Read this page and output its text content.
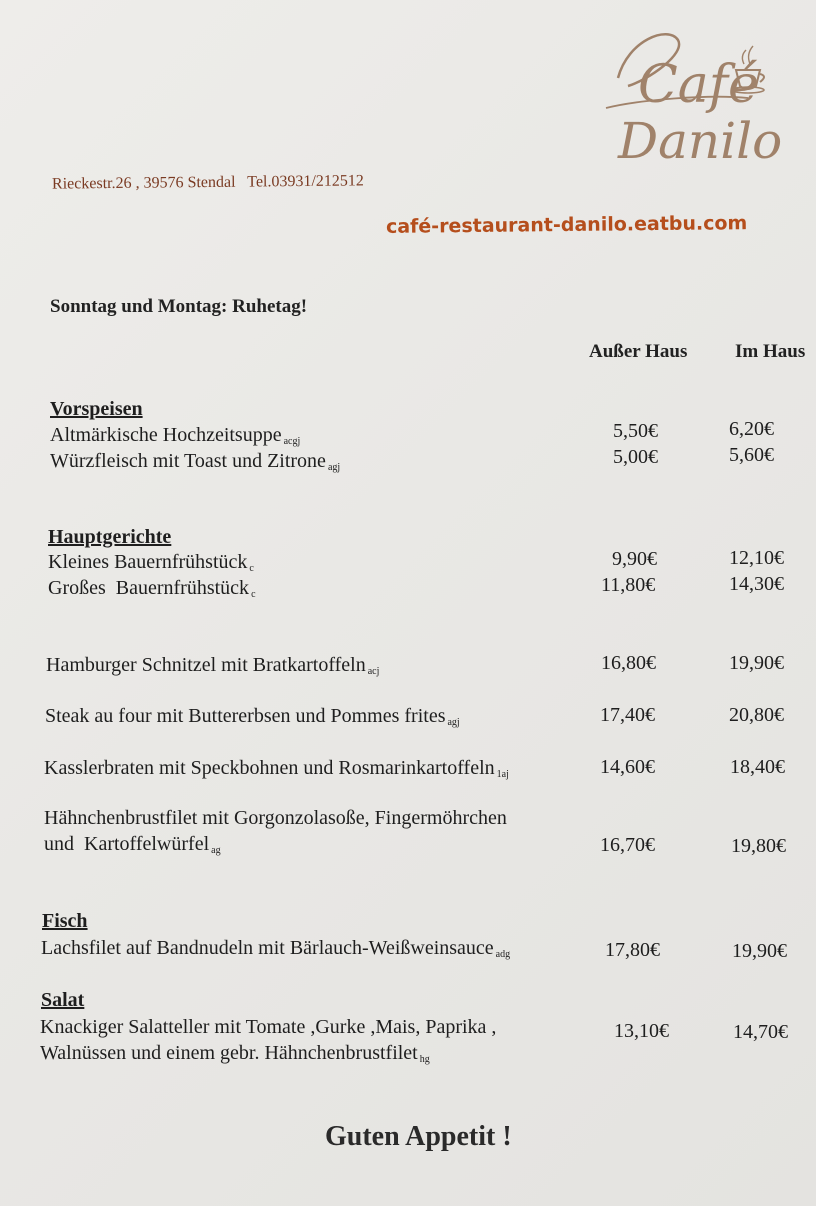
Café
Danilo
Rieckestr.26 , 39576 Stendal   Tel.03931/212512
café-restaurant-danilo.eatbu.com
Sonntag und Montag: Ruhetag!
Außer Haus	Im Haus
Vorspeisen
Altmärkische Hochzeitsuppe $_{acgj}$	5,50€	6,20€
Würzfleisch mit Toast und Zitrone $_{agj}$	5,00€	5,60€
Hauptgerichte
Kleines Bauernfrühstück $_c$	9,90€	12,10€
Großes  Bauernfrühstück $_c$	11,80€	14,30€
Hamburger Schnitzel mit Bratkartoffeln $_{acj}$	16,80€	19,90€
Steak au four mit Buttererbsen und Pommes frites $_{agj}$	17,40€	20,80€
Kasslerbraten mit Speckbohnen und Rosmarinkartoffeln $_{1aj}$	14,60€	18,40€
Hähnchenbrustfilet mit Gorgonzolasoße, Fingermöhrchen
und  Kartoffelwürfel $_{ag}$	16,70€	19,80€
Fisch
Lachsfilet auf Bandnudeln mit Bärlauch-Weißweinsauce $_{adg}$	17,80€	19,90€
Salat
Knackiger Salatteller mit Tomate ,Gurke ,Mais, Paprika ,
Walnüssen und einem gebr. Hähnchenbrustfilet $_{hg}$
13,10€	14,70€
Guten Appetit !
